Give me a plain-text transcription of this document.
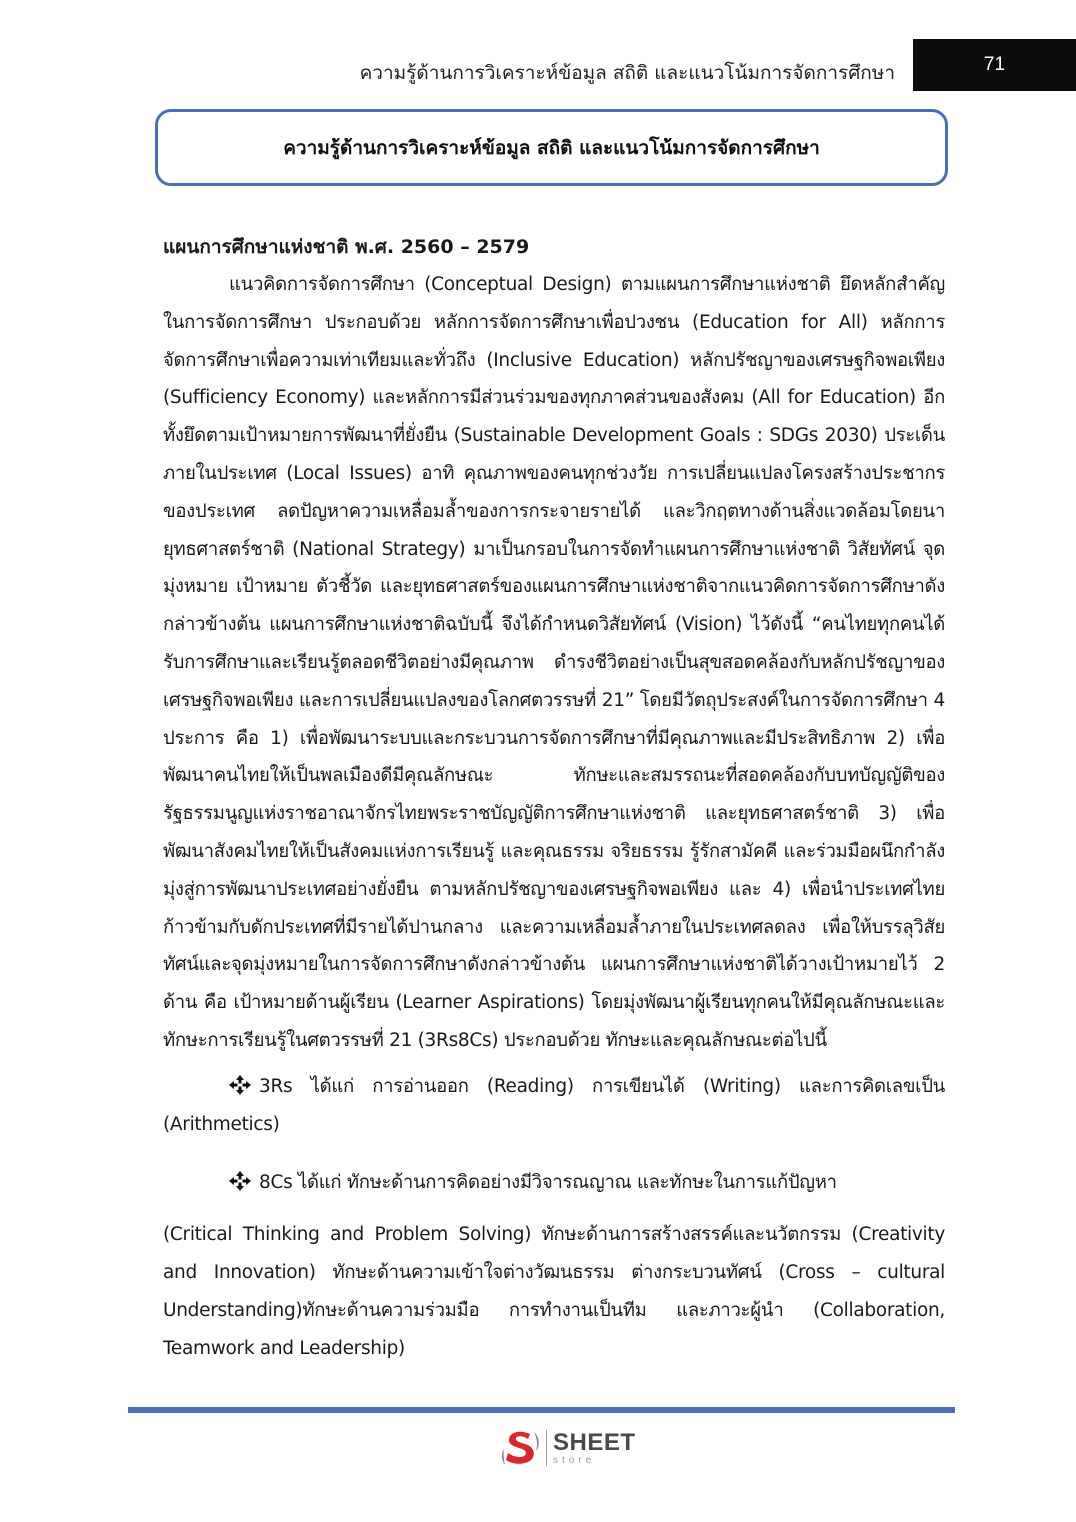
ความรู้ด้านการวิเคราะห์ข้อมูล สถิติ และแนวโน้มการจัดการศึกษา	71
ความรู้ด้านการวิเคราะห์ข้อมูล สถิติ และแนวโน้มการจัดการศึกษา

แผนการศึกษาแห่งชาติ พ.ศ. 2560 – 2579

แนวคิดการจัดการศึกษา (Conceptual Design) ตามแผนการศึกษาแห่งชาติ ยึดหลักสำคัญในการจัดการศึกษา ประกอบด้วย หลักการจัดการศึกษาเพื่อปวงชน (Education for All) หลักการจัดการศึกษาเพื่อความเท่าเทียมและทั่วถึง (Inclusive Education) หลักปรัชญาของเศรษฐกิจพอเพียง (Sufficiency Economy) และหลักการมีส่วนร่วมของทุกภาคส่วนของสังคม (All for Education) อีกทั้งยึดตามเป้าหมายการพัฒนาที่ยั่งยืน (Sustainable Development Goals : SDGs 2030) ประเด็นภายในประเทศ (Local Issues) อาทิ คุณภาพของคนทุกช่วงวัย การเปลี่ยนแปลงโครงสร้างประชากรของประเทศ ลดปัญหาความเหลื่อมล้ำของการกระจายรายได้ และวิกฤตทางด้านสิ่งแวดล้อมโดยนายุทธศาสตร์ชาติ (National Strategy) มาเป็นกรอบในการจัดทำแผนการศึกษาแห่งชาติ วิสัยทัศน์ จุดมุ่งหมาย เป้าหมาย ตัวชี้วัด และยุทธศาสตร์ของแผนการศึกษาแห่งชาติจากแนวคิดการจัดการศึกษาดังกล่าวข้างต้น แผนการศึกษาแห่งชาติฉบับนี้ จึงได้กำหนดวิสัยทัศน์ (Vision) ไว้ดังนี้ “คนไทยทุกคนได้รับการศึกษาและเรียนรู้ตลอดชีวิตอย่างมีคุณภาพ ดำรงชีวิตอย่างเป็นสุขสอดคล้องกับหลักปรัชญาของเศรษฐกิจพอเพียง และการเปลี่ยนแปลงของโลกศตวรรษที่ 21” โดยมีวัตถุประสงค์ในการจัดการศึกษา 4 ประการ คือ 1) เพื่อพัฒนาระบบและกระบวนการจัดการศึกษาที่มีคุณภาพและมีประสิทธิภาพ 2) เพื่อพัฒนาคนไทยให้เป็นพลเมืองดีมีคุณลักษณะ ทักษะและสมรรถนะที่สอดคล้องกับบทบัญญัติของรัฐธรรมนูญแห่งราชอาณาจักรไทยพระราชบัญญัติการศึกษาแห่งชาติ และยุทธศาสตร์ชาติ 3) เพื่อพัฒนาสังคมไทยให้เป็นสังคมแห่งการเรียนรู้ และคุณธรรม จริยธรรม รู้รักสามัคคี และร่วมมือผนึกกำลังมุ่งสู่การพัฒนาประเทศอย่างยั่งยืน ตามหลักปรัชญาของเศรษฐกิจพอเพียง และ 4) เพื่อนำประเทศไทยก้าวข้ามกับดักประเทศที่มีรายได้ปานกลาง และความเหลื่อมล้ำภายในประเทศลดลง เพื่อให้บรรลุวิสัยทัศน์และจุดมุ่งหมายในการจัดการศึกษาดังกล่าวข้างต้น แผนการศึกษาแห่งชาติได้วางเป้าหมายไว้ 2 ด้าน คือ เป้าหมายด้านผู้เรียน (Learner Aspirations) โดยมุ่งพัฒนาผู้เรียนทุกคนให้มีคุณลักษณะและทักษะการเรียนรู้ในศตวรรษที่ 21 (3Rs8Cs) ประกอบด้วย ทักษะและคุณลักษณะต่อไปนี้

3Rs ได้แก่ การอ่านออก (Reading) การเขียนได้ (Writing) และการคิดเลขเป็น (Arithmetics)

8Cs ได้แก่ ทักษะด้านการคิดอย่างมีวิจารณญาณ และทักษะในการแก้ปัญหา

(Critical Thinking and Problem Solving) ทักษะด้านการสร้างสรรค์และนวัตกรรม (Creativity and Innovation) ทักษะด้านความเข้าใจต่างวัฒนธรรม ต่างกระบวนทัศน์ (Cross – cultural Understanding)ทักษะด้านความร่วมมือ การทำงานเป็นทีม และภาวะผู้นำ (Collaboration, Teamwork and Leadership)

SHEET
store
